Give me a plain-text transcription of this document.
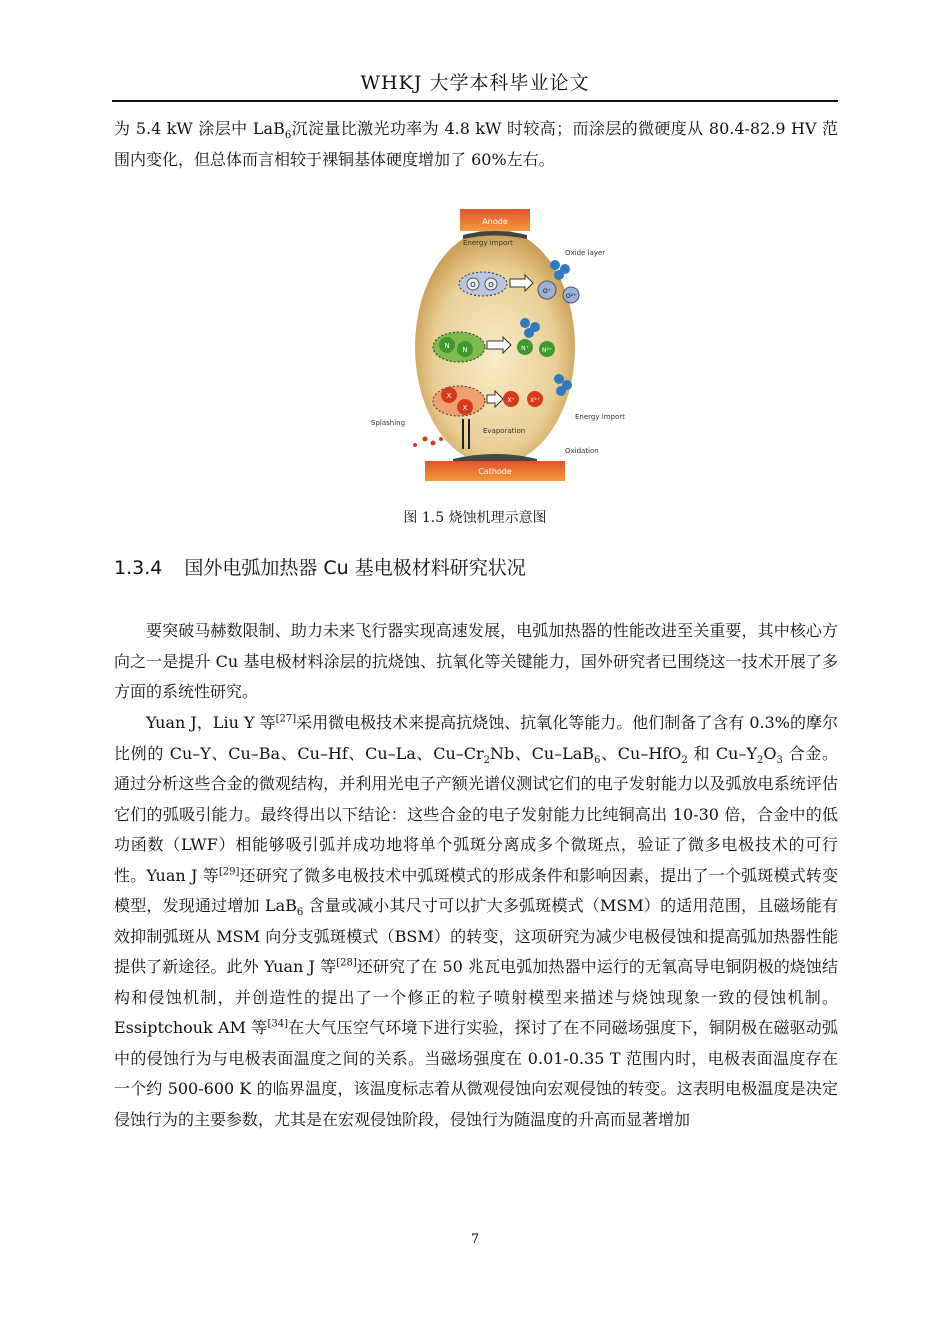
WHKJ 大学本科毕业论文

为 5.4 kW 涂层中 LaB$_6$沉淀量比激光功率为 4.8 kW 时较高；而涂层的微硬度从 80.4-82.9 HV 范围内变化，但总体而言相较于裸铜基体硬度增加了 60%左右。

Anode
Energy import
Oxide layer
O O
O⁺
O²⁺
N N	N⁺ N²⁺
X
X
X⁺	X²⁺
Evaporation
Splashing
Energy import
Oxidation
Cathode
图 1.5 烧蚀机理示意图
1.3.4 国外电弧加热器 Cu 基电极材料研究状况

要突破马赫数限制、助力未来飞行器实现高速发展，电弧加热器的性能改进至关重要，其中核心方向之一是提升 Cu 基电极材料涂层的抗烧蚀、抗氧化等关键能力，国外研究者已围绕这一技术开展了多方面的系统性研究。

Yuan J，Liu Y 等[27]采用微电极技术来提高抗烧蚀、抗氧化等能力。他们制备了含有 0.3%的摩尔比例的 Cu–Y、Cu–Ba、Cu–Hf、Cu–La、$Cu-Cr_2Nb$、Cu–LaB$_6$、Cu–HfO$_2$ 和 $Cu-Y_2O_3$ 合金。通过分析这些合金的微观结构，并利用光电子产额光谱仪测试它们的电子发射能力以及弧放电系统评估它们的弧吸引能力。最终得出以下结论：这些合金的电子发射能力比纯铜高出 10-30 倍，合金中的低功函数（LWF）相能够吸引弧并成功地将单个弧斑分离成多个微斑点，验证了微多电极技术的可行性。Yuan J 等[29]还研究了微多电极技术中弧斑模式的形成条件和影响因素，提出了一个弧斑模式转变模型，发现通过增加 LaB$_6$ 含量或减小其尺寸可以扩大多弧斑模式（MSM）的适用范围，且磁场能有效抑制弧斑从 MSM 向分支弧斑模式（BSM）的转变，这项研究为减少电极侵蚀和提高弧加热器性能提供了新途径。此外 Yuan J 等[28]还研究了在 50 兆瓦电弧加热器中运行的无氧高导电铜阴极的烧蚀结构和侵蚀机制，并创造性的提出了一个修正的粒子喷射模型来描述与烧蚀现象一致的侵蚀机制。Essiptchouk AM 等[34]在大气压空气环境下进行实验，探讨了在不同磁场强度下，铜阴极在磁驱动弧中的侵蚀行为与电极表面温度之间的关系。当磁场强度在 0.01-0.35 T 范围内时，电极表面温度存在一个约 500-600 K 的临界温度，该温度标志着从微观侵蚀向宏观侵蚀的转变。这表明电极温度是决定侵蚀行为的主要参数，尤其是在宏观侵蚀阶段，侵蚀行为随温度的升高而显著增加

7
